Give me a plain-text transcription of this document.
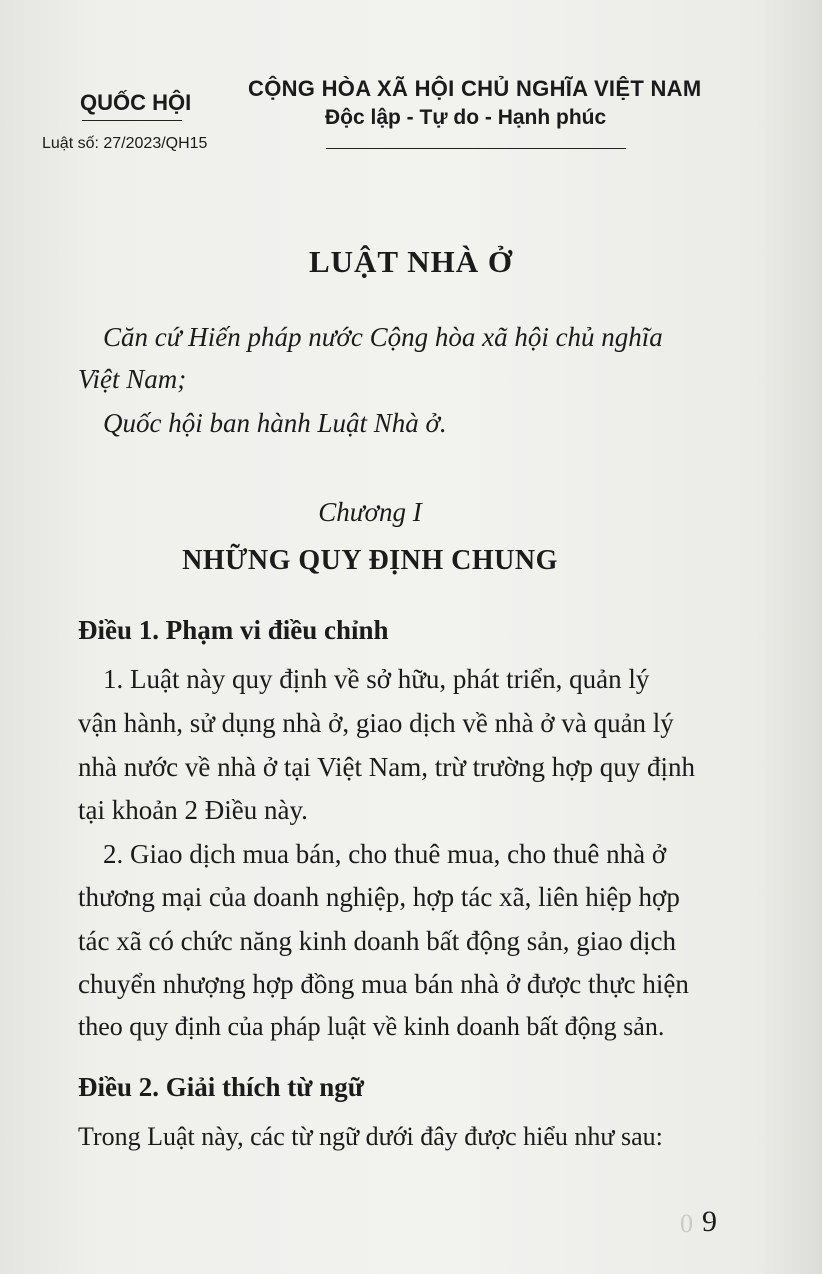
QUỐC HỘI
Luật số: 27/2023/QH15
CỘNG HÒA XÃ HỘI CHỦ NGHĨA VIỆT NAM
Độc lập - Tự do - Hạnh phúc
LUẬT NHÀ Ở
Căn cứ Hiến pháp nước Cộng hòa xã hội chủ nghĩa
Việt Nam;
Quốc hội ban hành Luật Nhà ở.
Chương I
NHỮNG QUY ĐỊNH CHUNG
Điều 1. Phạm vi điều chỉnh
1. Luật này quy định về sở hữu, phát triển, quản lý
vận hành, sử dụng nhà ở, giao dịch về nhà ở và quản lý
nhà nước về nhà ở tại Việt Nam, trừ trường hợp quy định
tại khoản 2 Điều này.
2. Giao dịch mua bán, cho thuê mua, cho thuê nhà ở
thương mại của doanh nghiệp, hợp tác xã, liên hiệp hợp
tác xã có chức năng kinh doanh bất động sản, giao dịch
chuyển nhượng hợp đồng mua bán nhà ở được thực hiện
theo quy định của pháp luật về kinh doanh bất động sản.
Điều 2. Giải thích từ ngữ
Trong Luật này, các từ ngữ dưới đây được hiểu như sau:
0 9
